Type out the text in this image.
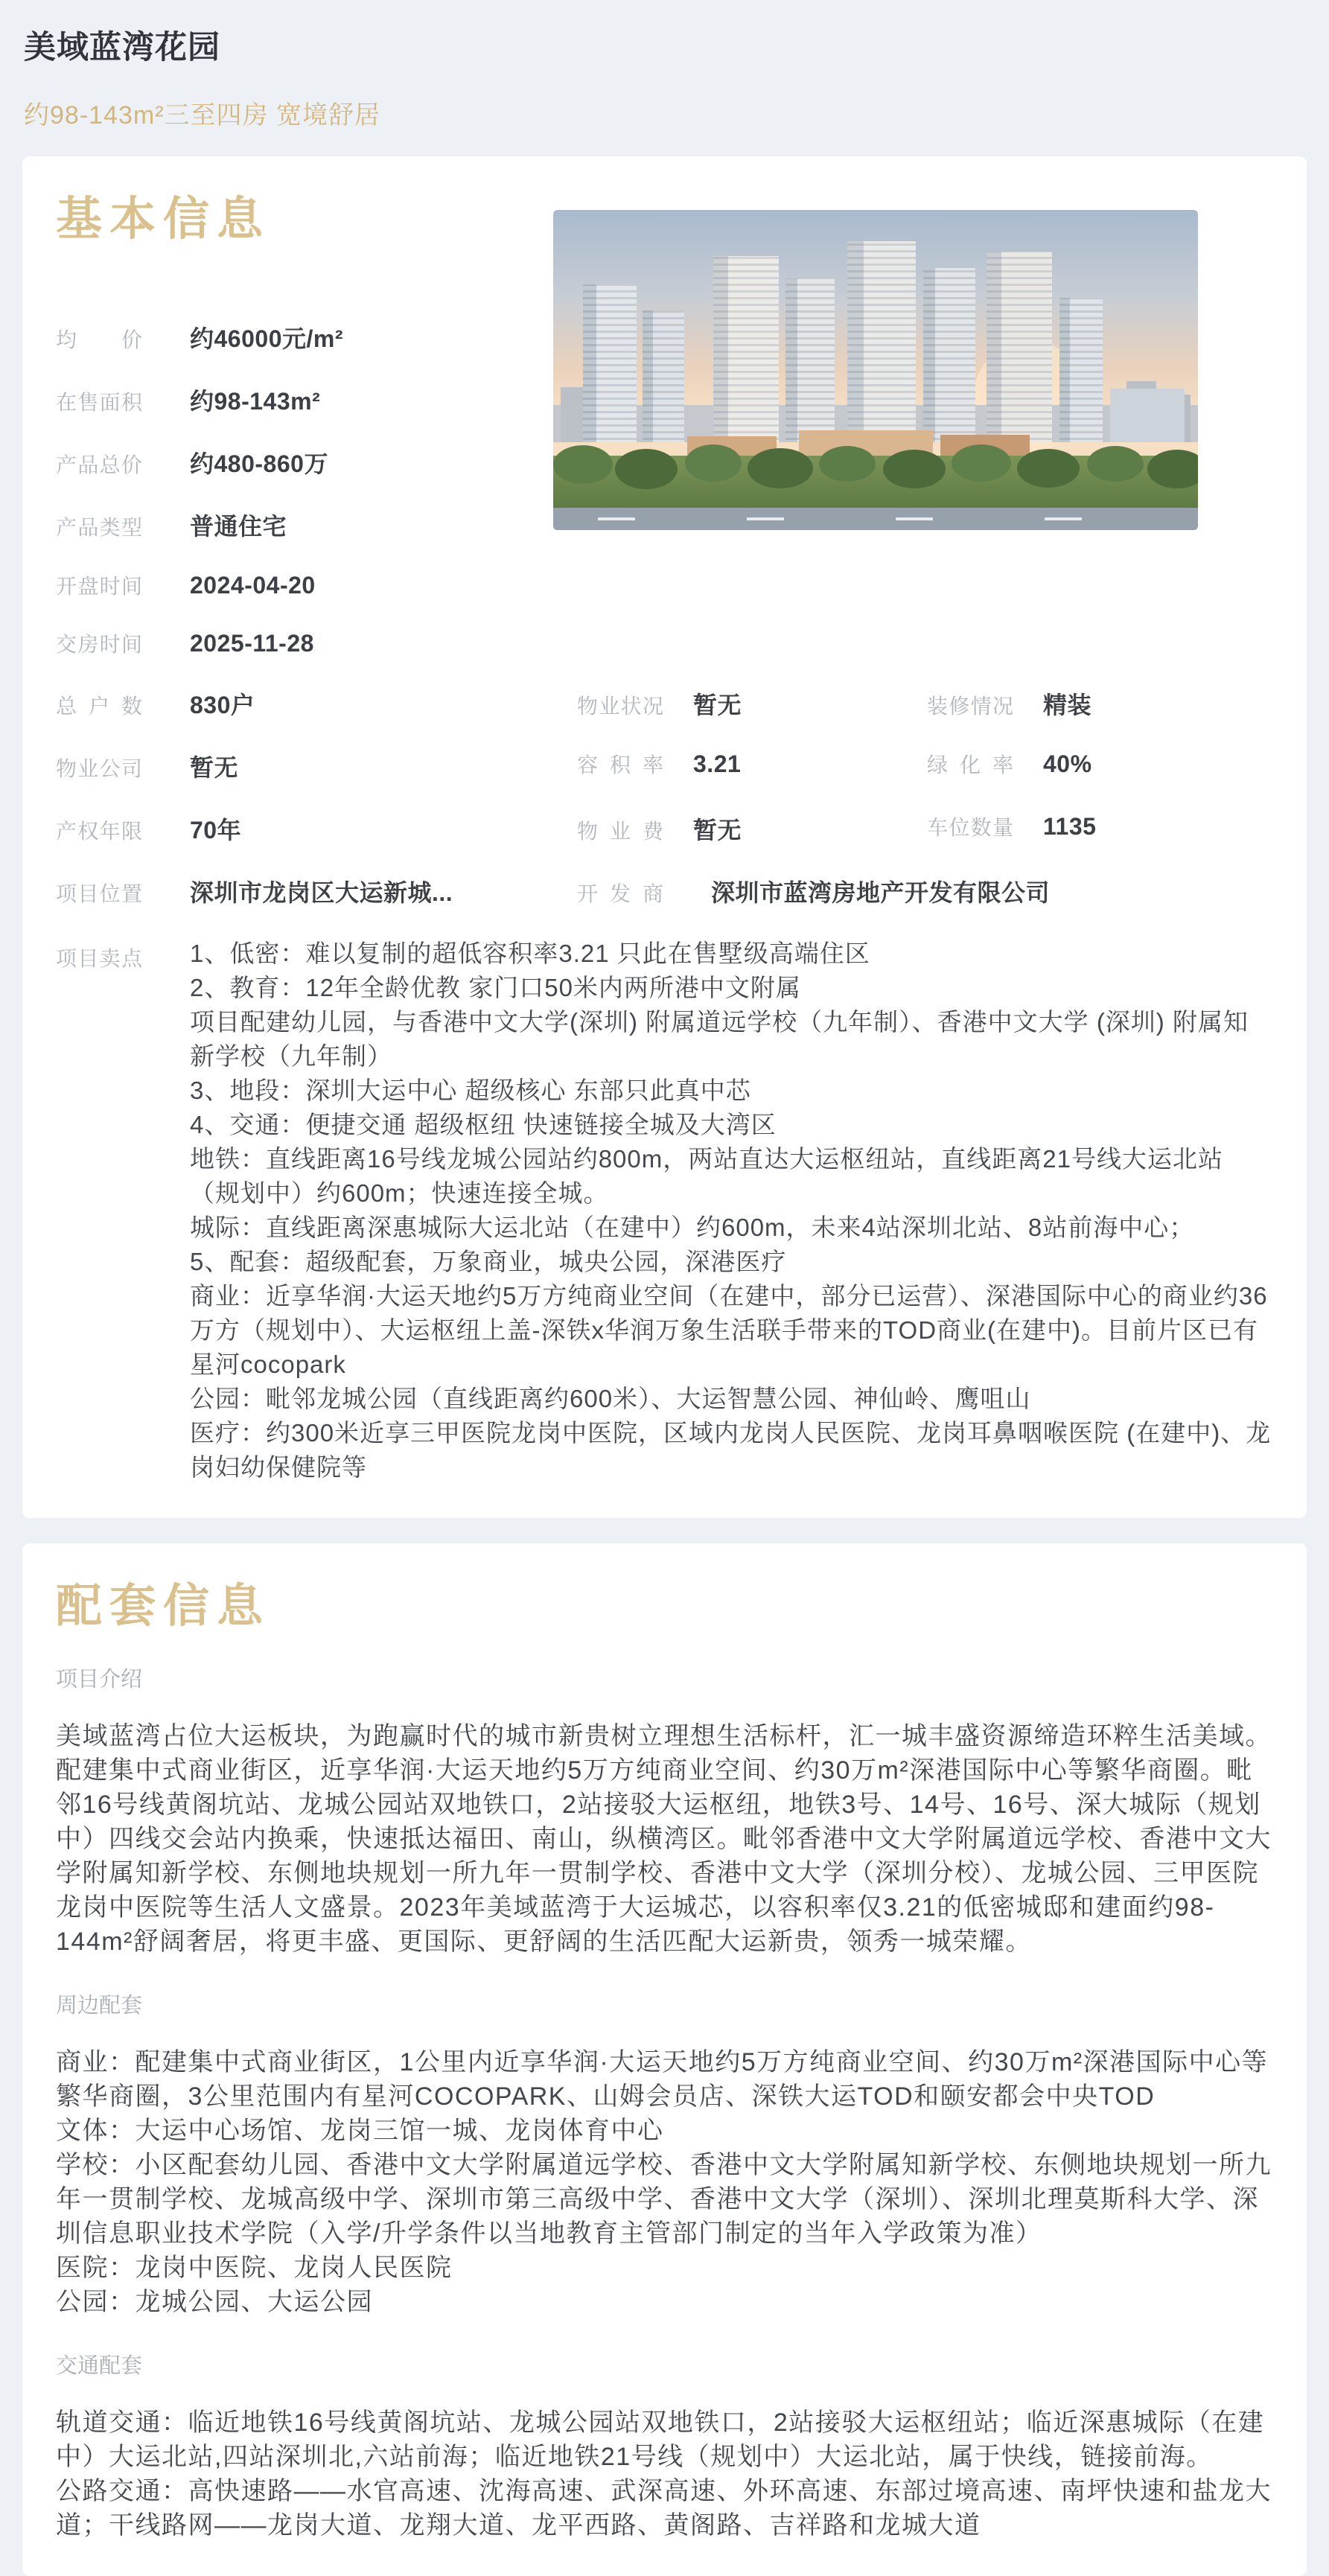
美域蓝湾花园
约98-143m²三至四房 宽境舒居
基本信息
均价 约46000元/m²
在售面积 约98-143m²
产品总价 约480-860万
产品类型 普通住宅
开盘时间 2024-04-20
交房时间 2025-11-28
总户数 830户	物业状况 暂无	装修情况 精装
物业公司 暂无	容积率 3.21	绿化率 40%
产权年限 70年	物业费 暂无	车位数量 1135
项目位置 深圳市龙岗区大运新城...	开发商 深圳市蓝湾房地产开发有限公司
项目卖点 1、低密：难以复制的超低容积率3.21 只此在售墅级高端住区
2、教育：12年全龄优教 家门口50米内两所港中文附属
项目配建幼儿园，与香港中文大学(深圳) 附属道远学校（九年制）、香港中文大学 (深圳) 附属知新学校（九年制）
3、地段：深圳大运中心 超级核心 东部只此真中芯
4、交通：便捷交通 超级枢纽 快速链接全城及大湾区
地铁：直线距离16号线龙城公园站约800m，两站直达大运枢纽站，直线距离21号线大运北站（规划中）约600m；快速连接全城。
城际：直线距离深惠城际大运北站（在建中）约600m，未来4站深圳北站、8站前海中心；
5、配套：超级配套，万象商业，城央公园，深港医疗
商业：近享华润·大运天地约5万方纯商业空间（在建中，部分已运营）、深港国际中心的商业约36万方（规划中）、大运枢纽上盖-深铁x华润万象生活联手带来的TOD商业(在建中)。目前片区已有星河cocopark
公园：毗邻龙城公园（直线距离约600米）、大运智慧公园、神仙岭、鹰咀山
医疗：约300米近享三甲医院龙岗中医院，区域内龙岗人民医院、龙岗耳鼻咽喉医院 (在建中)、龙岗妇幼保健院等
配套信息
项目介绍
美域蓝湾占位大运板块，为跑赢时代的城市新贵树立理想生活标杆，汇一城丰盛资源缔造环粹生活美域。配建集中式商业街区，近享华润·大运天地约5万方纯商业空间、约30万m²深港国际中心等繁华商圈。毗邻16号线黄阁坑站、龙城公园站双地铁口，2站接驳大运枢纽，地铁3号、14号、16号、深大城际（规划中）四线交会站内换乘，快速抵达福田、南山，纵横湾区。毗邻香港中文大学附属道远学校、香港中文大学附属知新学校、东侧地块规划一所九年一贯制学校、香港中文大学（深圳分校）、龙城公园、三甲医院龙岗中医院等生活人文盛景。2023年美域蓝湾于大运城芯，以容积率仅3.21的低密城邸和建面约98-144m²舒阔奢居，将更丰盛、更国际、更舒阔的生活匹配大运新贵，领秀一城荣耀。
周边配套
商业：配建集中式商业街区，1公里内近享华润·大运天地约5万方纯商业空间、约30万m²深港国际中心等繁华商圈，3公里范围内有星河COCOPARK、山姆会员店、深铁大运TOD和颐安都会中央TOD
文体：大运中心场馆、龙岗三馆一城、龙岗体育中心
学校：小区配套幼儿园、香港中文大学附属道远学校、香港中文大学附属知新学校、东侧地块规划一所九年一贯制学校、龙城高级中学、深圳市第三高级中学、香港中文大学（深圳）、深圳北理莫斯科大学、深圳信息职业技术学院（入学/升学条件以当地教育主管部门制定的当年入学政策为准）
医院：龙岗中医院、龙岗人民医院
公园：龙城公园、大运公园
交通配套
轨道交通：临近地铁16号线黄阁坑站、龙城公园站双地铁口，2站接驳大运枢纽站；临近深惠城际（在建中）大运北站,四站深圳北,六站前海；临近地铁21号线（规划中）大运北站，属于快线，链接前海。
公路交通：高快速路——水官高速、沈海高速、武深高速、外环高速、东部过境高速、南坪快速和盐龙大道；干线路网——龙岗大道、龙翔大道、龙平西路、黄阁路、吉祥路和龙城大道
